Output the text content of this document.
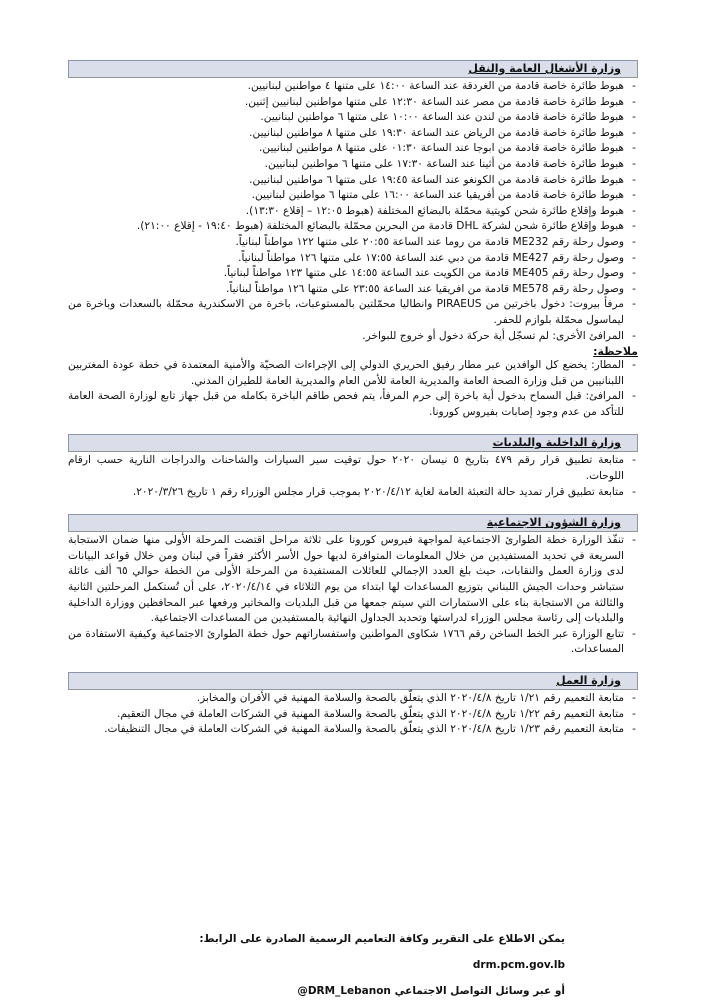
وزارة الأشغال العامة والنقل
- هبوط طائرة خاصة قادمة من الغردقة عند الساعة ١٤:٠٠ على متنها ٤ مواطنين لبنانيين.
- هبوط طائرة خاصة قادمة من مصر عند الساعة ١٢:٣٠ على متنها مواطنين لبنانيين إثنين.
- هبوط طائرة خاصة قادمة من لندن عند الساعة ١٠:٠٠ على متنها ٦ مواطنين لبنانيين.
- هبوط طائرة خاصة قادمة من الرياض عند الساعة ١٩:٣٠ على متنها ٨ مواطنين لبنانيين.
- هبوط طائرة خاصة قادمة من ابوجا عند الساعة ٠١:٣٠ على متنها ٨ مواطنين لبنانيين.
- هبوط طائرة خاصة قادمة من أثينا عند الساعة ١٧:٣٠ على متنها ٦ مواطنين لبنانيين.
- هبوط طائرة خاصة قادمة من الكونغو عند الساعة ١٩:٤٥ على متنها ٦ مواطنين لبنانيين.
- هبوط طائرة خاصة قادمة من أفريقيا عند الساعة ١٦:٠٠ على متنها ٦ مواطنين لبنانيين.
- هبوط وإقلاع طائرة شحن كويتية محمّلة بالبضائع المختلفة (هبوط ١٢:٠٥ – إقلاع ١٣:٣٠).
- هبوط وإقلاع طائرة شحن لشركة DHL قادمة من البحرين محمّلة بالبضائع المختلفة (هبوط ١٩:٤٠ - إقلاع ٢١:٠٠).
- وصول رحلة رقم ME232 قادمة من روما عند الساعة ٢٠:٥٥ على متنها ١٢٢ مواطناً لبنانياً.
- وصول رحلة رقم ME427 قادمة من دبي عند الساعة ١٧:٥٥ على متنها ١٢٦ مواطناً لبنانياً.
- وصول رحلة رقم ME405 قادمة من الكويت عند الساعة ١٤:٥٥ على متنها ١٢٣ مواطناً لبنانياً.
- وصول رحلة رقم ME578 قادمة من افريقيا عند الساعة ٢٣:٥٥ على متنها ١٢٦ مواطناً لبنانياً.
- مرفأ بيروت: دخول باخرتين من PIRAEUS وانطاليا محمّلتين بالمستوعبات، باخرة من الاسكندرية محمّلة بالسعدات وباخرة من ليماسول محمّلة بلوازم للحفر.
- المرافئ الأخرى: لم تسجّل أية حركة دخول أو خروج للبواخر.
ملاحظة:
- المطار: يخضع كل الوافدين عبر مطار رفيق الحريري الدولي إلى الإجراءات الصحيّة والأمنية المعتمدة في خطة عودة المغتربين اللبنانيين من قبل وزارة الصحة العامة والمديرية العامة للأمن العام والمديرية العامة للطيران المدني.
- المرافئ: قبل السماح بدخول أية باخرة إلى حرم المرفأ، يتم فحص طاقم الباخرة بكامله من قبل جهاز تابع لوزارة الصحة العامة للتأكد من عدم وجود إصابات بفيروس كورونا.
وزارة الداخلية والبلديات
- متابعة تطبيق قرار رقم ٤٧٩ بتاريخ ٥ نيسان ٢٠٢٠ حول توقيت سير السيارات والشاحنات والدراجات النارية حسب ارقام اللوحات.
- متابعة تطبيق قرار تمديد حالة التعبئة العامة لغاية ٢٠٢٠/٤/١٢ بموجب قرار مجلس الوزراء رقم ١ تاريخ ٢٠٢٠/٣/٢٦.
وزارة الشؤون الاجتماعية
- تنفّذ الوزارة خطة الطوارئ الاجتماعية لمواجهة فيروس كورونا على ثلاثة مراحل اقتضت المرحلة الأولى منها ضمان الاستجابة السريعة في تحديد المستفيدين من خلال المعلومات المتوافرة لديها حول الأسر الأكثر فقراً في لبنان ومن خلال قواعد البيانات لدى وزارة العمل والنقابات، حيث بلغ العدد الإجمالي للعائلات المستفيدة من المرحلة الأولى من الخطة حوالي ٦٥ ألف عائلة ستباشر وحدات الجيش اللبناني بتوزيع المساعدات لها ابتداء من يوم الثلاثاء في ٢٠٢٠/٤/١٤، على أن تُستكمل المرحلتين الثانية والثالثة من الاستجابة بناء على الاستمارات التي سيتم جمعها من قبل البلديات والمخاتير ورفعها عبر المحافظين ووزارة الداخلية والبلديات إلى رئاسة مجلس الوزراء لدراستها وتحديد الجداول النهائية بالمستفيدين من المساعدات الاجتماعية.
- تتابع الوزارة عبر الخط الساخن رقم ١٧٦٦ شكاوى المواطنين واستفساراتهم حول خطة الطوارئ الاجتماعية وكيفية الاستفادة من المساعدات.
وزارة العمل
- متابعة التعميم رقم ١/٢١ تاريخ ٢٠٢٠/٤/٨ الذي يتعلّق بالصحة والسلامة المهنية في الأفران والمخابز.
- متابعة التعميم رقم ١/٢٢ تاريخ ٢٠٢٠/٤/٨ الذي يتعلّق بالصحة والسلامة المهنية في الشركات العاملة في مجال التعقيم.
- متابعة التعميم رقم ١/٢٣ تاريخ ٢٠٢٠/٤/٨ الذي يتعلّق بالصحة والسلامة المهنية في الشركات العاملة في مجال التنظيفات.
يمكن الاطلاع على التقرير وكافة التعاميم الرسمية الصادرة على الرابط: drm.pcm.gov.lb
أو عبر وسائل التواصل الاجتماعي @DRM_Lebanon
